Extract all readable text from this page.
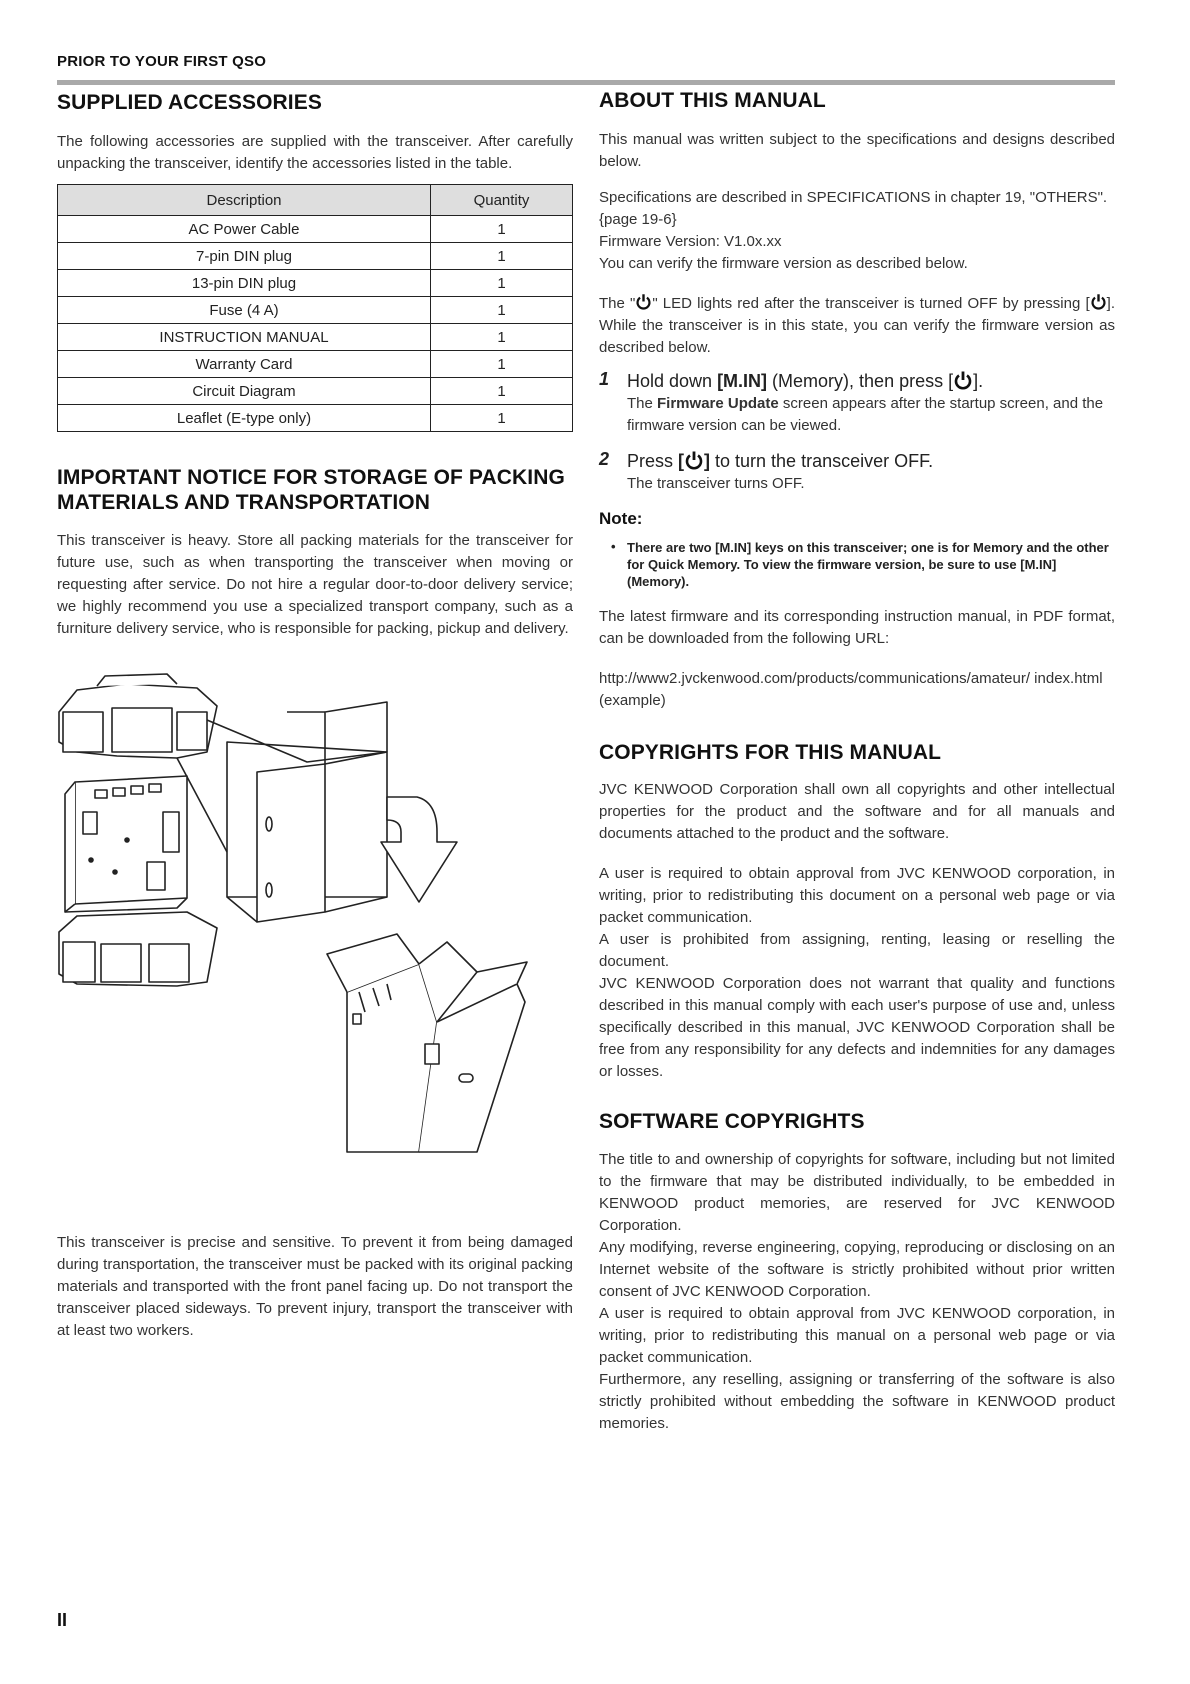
PRIOR TO YOUR FIRST QSO
SUPPLIED ACCESSORIES

The following accessories are supplied with the transceiver. After carefully unpacking the transceiver, identify the accessories listed in the table.

Description	Quantity
AC Power Cable	1
7-pin DIN plug	1
13-pin DIN plug	1
Fuse (4 A)	1
INSTRUCTION MANUAL	1
Warranty Card	1
Circuit Diagram	1
Leaflet (E-type only)	1
IMPORTANT NOTICE FOR STORAGE OF PACKING
MATERIALS AND TRANSPORTATION

This transceiver is heavy. Store all packing materials for the transceiver for future use, such as when transporting the transceiver when moving or requesting after service. Do not hire a regular door-to-door delivery service; we highly recommend you use a specialized transport company, such as a furniture delivery service, who is responsible for packing, pickup and delivery.

This transceiver is precise and sensitive. To prevent it from being damaged during transportation, the transceiver must be packed with its original packing materials and transported with the front panel facing up. Do not transport the transceiver placed sideways. To prevent injury, transport the transceiver with at least two workers.

ABOUT THIS MANUAL

This manual was written subject to the specifications and designs described below.

Specifications are described in SPECIFICATIONS in chapter 19, "OTHERS".

{page 19-6}

Firmware Version: V1.0x.xx

You can verify the firmware version as described below.

The " " LED lights red after the transceiver is turned OFF by pressing [ ]. While the transceiver is in this state, you can verify the firmware version as described below.

1 Hold down [M.IN] (Memory), then press [ ].
The Firmware Update screen appears after the startup screen, and the firmware version can be viewed.
2 Press [ ] to turn the transceiver OFF.
The transceiver turns OFF.
Note:
• There are two [M.IN] keys on this transceiver; one is for Memory and the other for Quick Memory. To view the firmware version, be sure to use [M.IN] (Memory).

The latest firmware and its corresponding instruction manual, in PDF format, can be downloaded from the following URL:

http://www2.jvckenwood.com/products/communications/amateur/ index.html (example)

COPYRIGHTS FOR THIS MANUAL

JVC KENWOOD Corporation shall own all copyrights and other intellectual properties for the product and the software and for all manuals and documents attached to the product and the software.

A user is required to obtain approval from JVC KENWOOD corporation, in writing, prior to redistributing this document on a personal web page or via packet communication.

A user is prohibited from assigning, renting, leasing or reselling the document.

JVC KENWOOD Corporation does not warrant that quality and functions described in this manual comply with each user's purpose of use and, unless specifically described in this manual, JVC KENWOOD Corporation shall be free from any responsibility for any defects and indemnities for any damages or losses.

SOFTWARE COPYRIGHTS

The title to and ownership of copyrights for software, including but not limited to the firmware that may be distributed individually, to be embedded in KENWOOD product memories, are reserved for JVC KENWOOD Corporation.

Any modifying, reverse engineering, copying, reproducing or disclosing on an Internet website of the software is strictly prohibited without prior written consent of JVC KENWOOD Corporation.

A user is required to obtain approval from JVC KENWOOD corporation, in writing, prior to redistributing this manual on a personal web page or via packet communication.

Furthermore, any reselling, assigning or transferring of the software is also strictly prohibited without embedding the software in KENWOOD product memories.

II
